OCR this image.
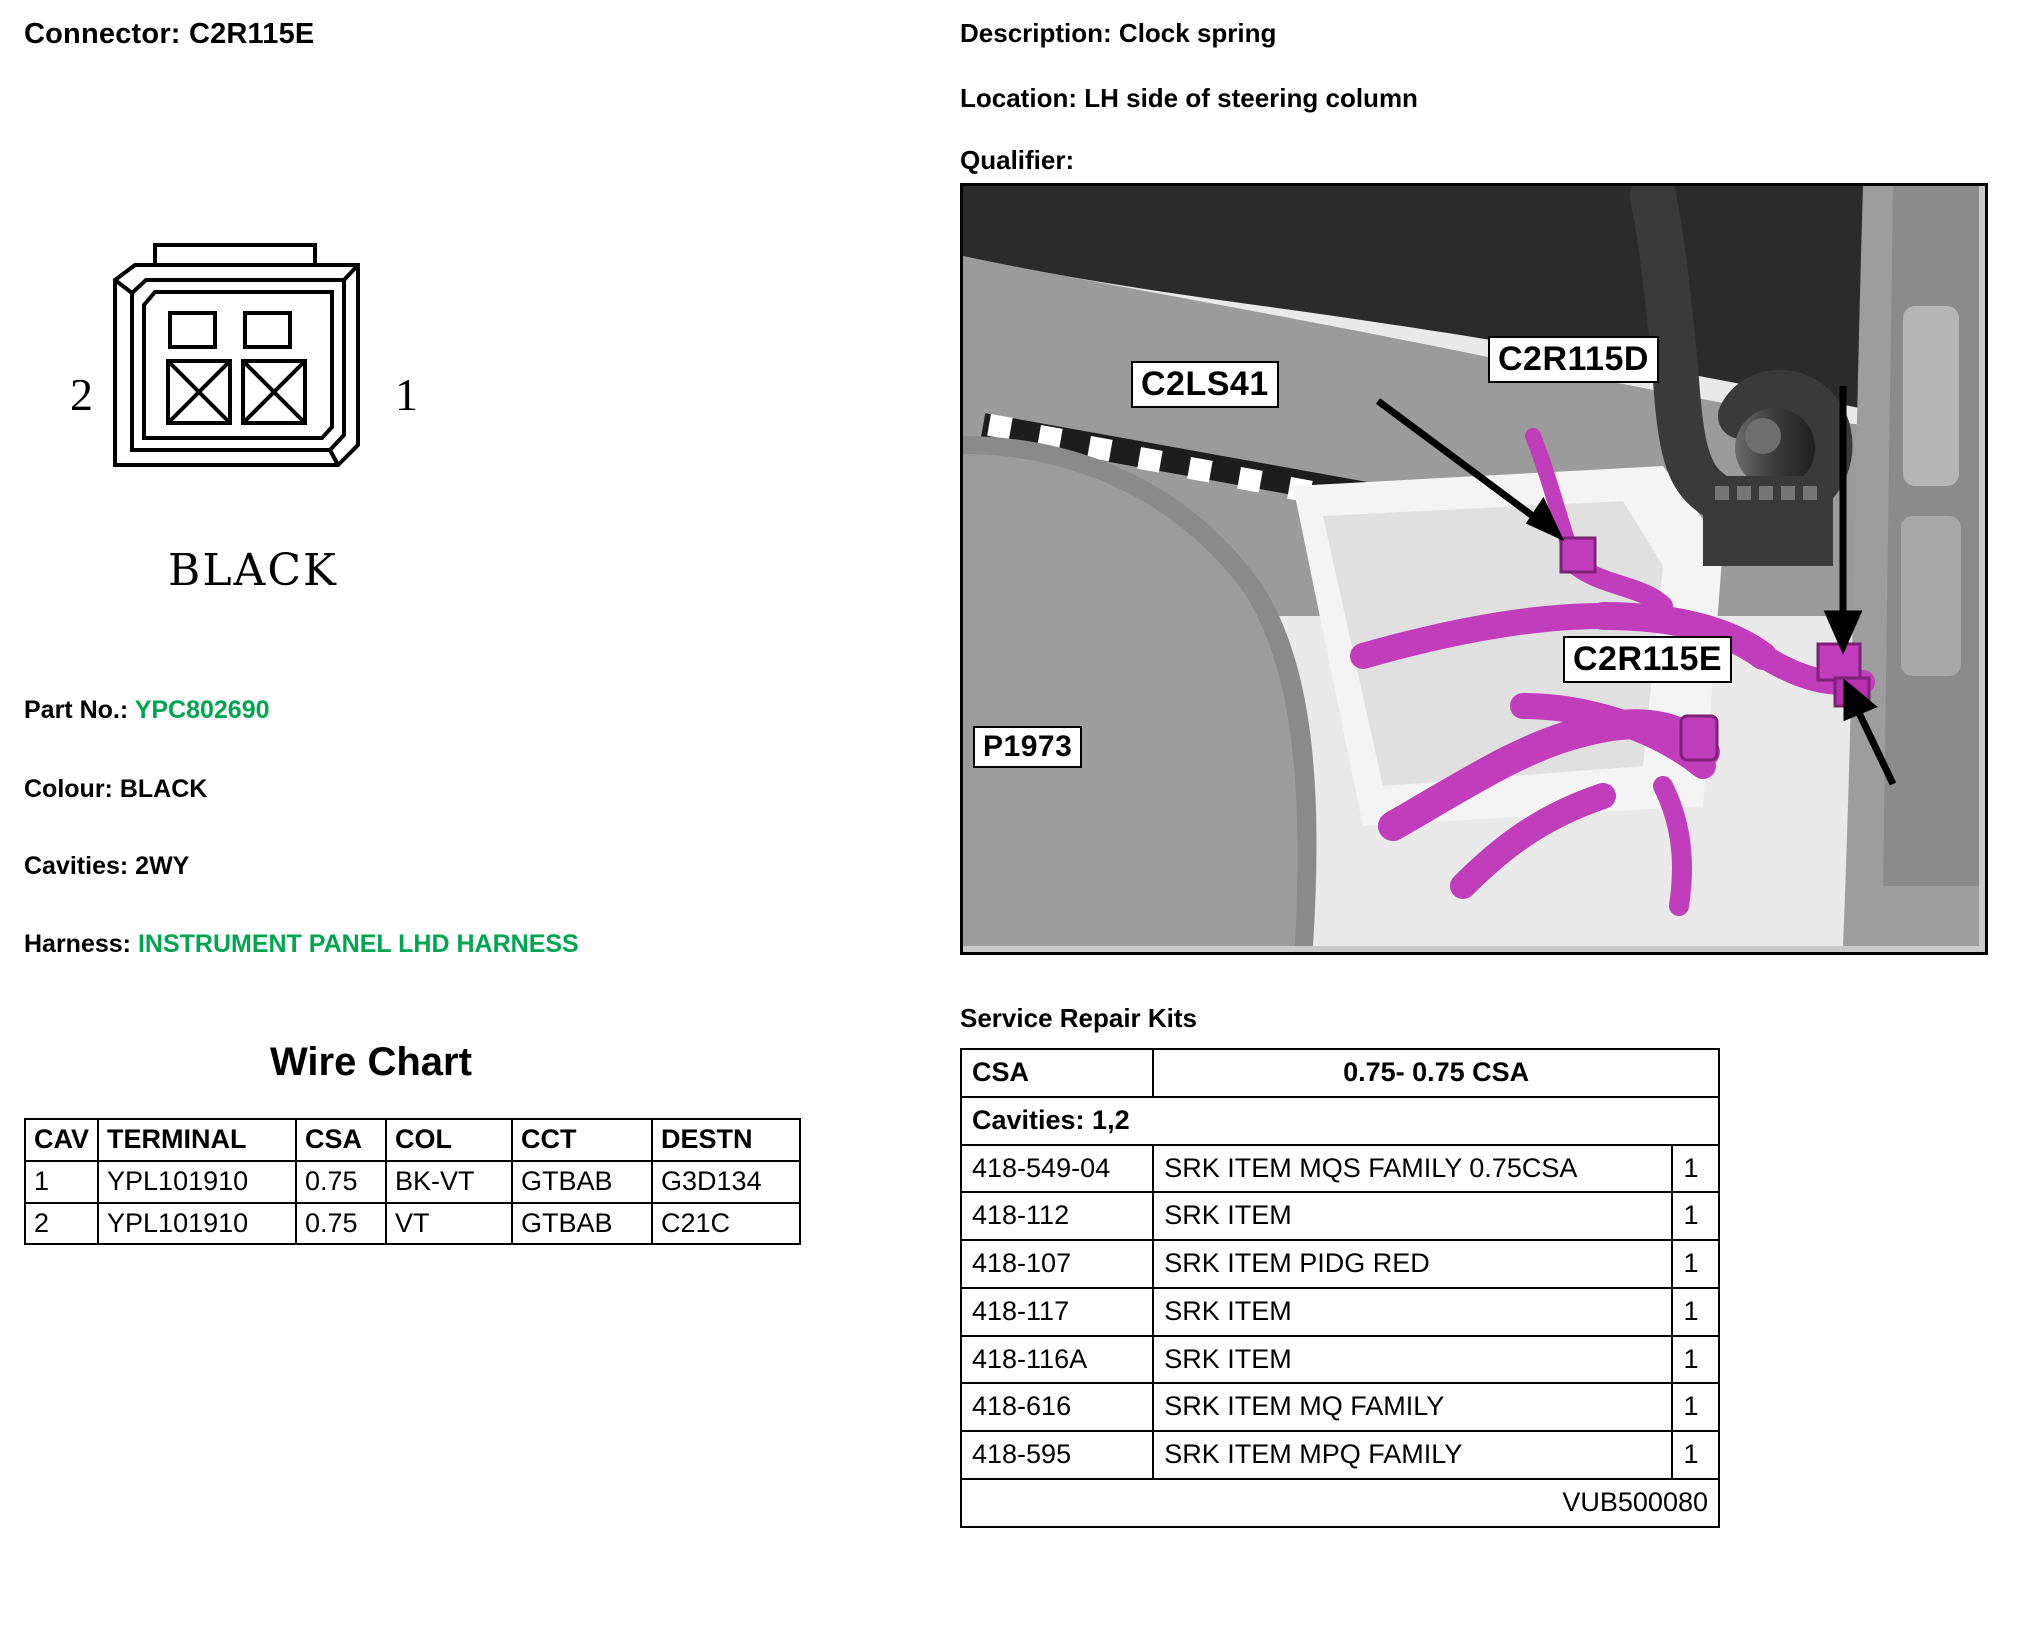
Connector: C2R115E
2	1
BLACK
Part No.: YPC802690
Colour: BLACK
Cavities: 2WY
Harness: INSTRUMENT PANEL LHD HARNESS
Wire Chart
CAV	TERMINAL	CSA	COL	CCT	DESTN
1	YPL101910	0.75	BK-VT	GTBAB	G3D134
2	YPL101910	0.75	VT	GTBAB	C21C
Description: Clock spring
Location: LH side of steering column
Qualifier:
C2LS41
C2R115D
C2R115E
P1973
Service Repair Kits
CSA	0.75- 0.75 CSA	
Cavities: 1,2		
418-549-04	SRK ITEM MQS FAMILY 0.75CSA	1
418-112	SRK ITEM	1
418-107	SRK ITEM PIDG RED	1
418-117	SRK ITEM	1
418-116A	SRK ITEM	1
418-616	SRK ITEM MQ FAMILY	1
418-595	SRK ITEM MPQ FAMILY	1
VUB500080		
